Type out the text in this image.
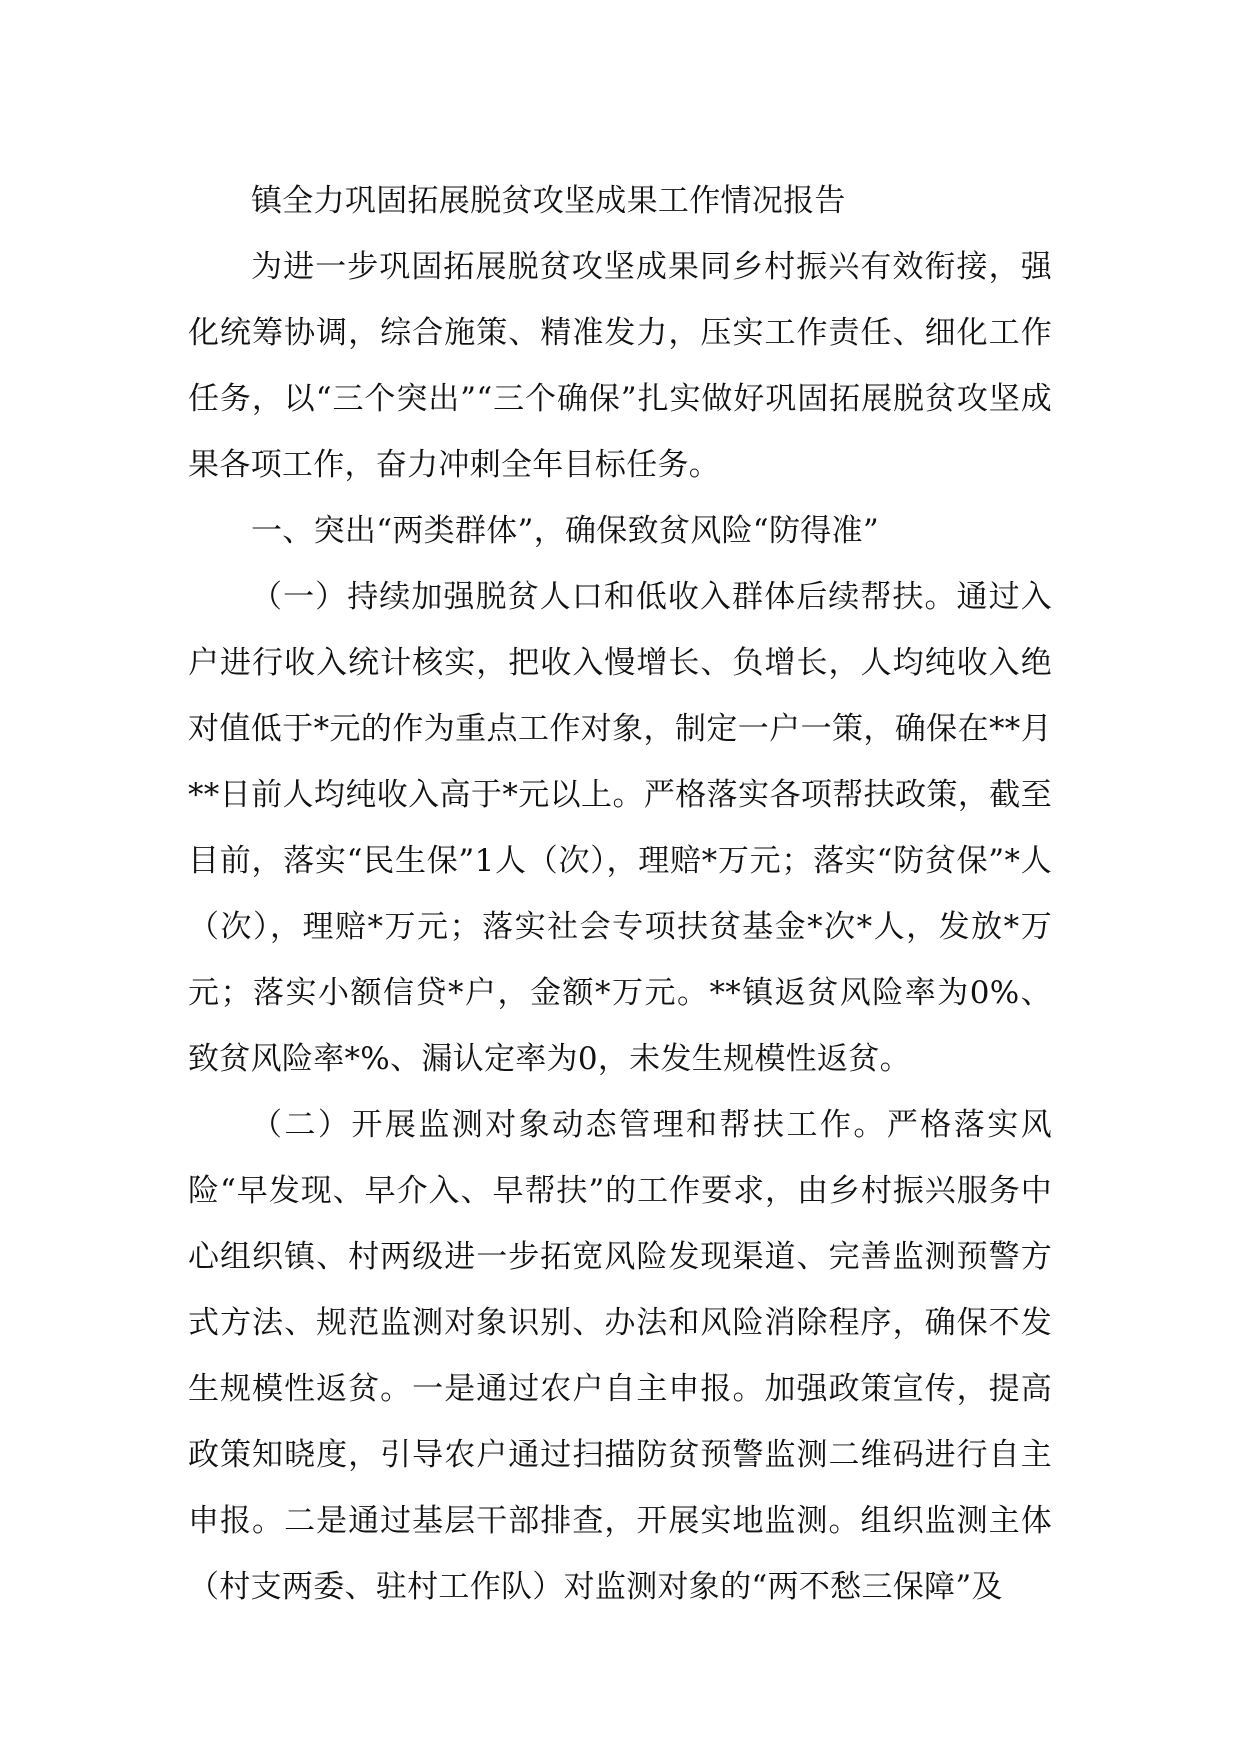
镇全力巩固拓展脱贫攻坚成果工作情况报告

为进一步巩固拓展脱贫攻坚成果同乡村振兴有效衔接，强化统筹协调，综合施策、精准发力，压实工作责任、细化工作任务，以“三个突出”“三个确保”扎实做好巩固拓展脱贫攻坚成果各项工作，奋力冲刺全年目标任务。

一、突出“两类群体”，确保致贫风险“防得准”

（一）持续加强脱贫人口和低收入群体后续帮扶。通过入户进行收入统计核实，把收入慢增长、负增长，人均纯收入绝对值低于*元的作为重点工作对象，制定一户一策，确保在**月**日前人均纯收入高于*元以上。严格落实各项帮扶政策，截至目前，落实“民生保”1人（次），理赔*万元；落实“防贫保”*人（次），理赔*万元；落实社会专项扶贫基金*次*人，发放*万元；落实小额信贷*户，金额*万元。**镇返贫风险率为0%、致贫风险率*%、漏认定率为0，未发生规模性返贫。

（二）开展监测对象动态管理和帮扶工作。严格落实风险“早发现、早介入、早帮扶”的工作要求，由乡村振兴服务中心组织镇、村两级进一步拓宽风险发现渠道、完善监测预警方式方法、规范监测对象识别、办法和风险消除程序，确保不发生规模性返贫。一是通过农户自主申报。加强政策宣传，提高政策知晓度，引导农户通过扫描防贫预警监测二维码进行自主申报。二是通过基层干部排查，开展实地监测。组织监测主体（村支两委、驻村工作队）对监测对象的“两不愁三保障”及
